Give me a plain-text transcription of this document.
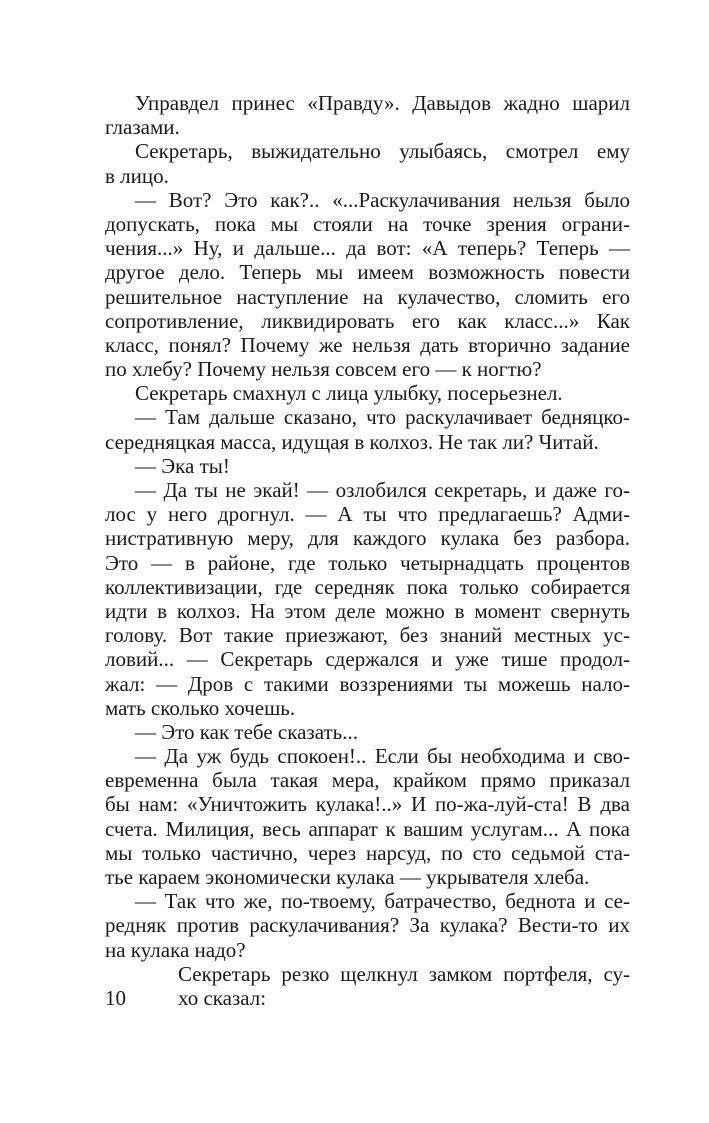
Управдел принес «Правду». Давыдов жадно шарил
глазами.
Секретарь, выжидательно улыбаясь, смотрел ему
в лицо.
— Вот? Это как?.. «...Раскулачивания нельзя было
допускать, пока мы стояли на точке зрения ограни-
чения...» Ну, и дальше... да вот: «А теперь? Теперь —
другое дело. Теперь мы имеем возможность повести
решительное наступление на кулачество, сломить его
сопротивление, ликвидировать его как класс...» Как
класс, понял? Почему же нельзя дать вторично задание
по хлебу? Почему нельзя совсем его — к ногтю?
Секретарь смахнул с лица улыбку, посерьезнел.
— Там дальше сказано, что раскулачивает бедняцко-
середняцкая масса, идущая в колхоз. Не так ли? Читай.
— Эка ты!
— Да ты не экай! — озлобился секретарь, и даже го-
лос у него дрогнул. — А ты что предлагаешь? Адми-
нистративную меру, для каждого кулака без разбора.
Это — в районе, где только четырнадцать процентов
коллективизации, где середняк пока только собирается
идти в колхоз. На этом деле можно в момент свернуть
голову. Вот такие приезжают, без знаний местных ус-
ловий... — Секретарь сдержался и уже тише продол-
жал: — Дров с такими воззрениями ты можешь нало-
мать сколько хочешь.
— Это как тебе сказать...
— Да уж будь спокоен!.. Если бы необходима и сво-
евременна была такая мера, крайком прямо приказал
бы нам: «Уничтожить кулака!..» И по-жа-луй-ста! В два
счета. Милиция, весь аппарат к вашим услугам... А пока
мы только частично, через нарсуд, по сто седьмой ста-
тье караем экономически кулака — укрывателя хлеба.
— Так что же, по-твоему, батрачество, беднота и се-
редняк против раскулачивания? За кулака? Вести-то их
на кулака надо?
Секретарь резко щелкнул замком портфеля, су-
хо сказал:
10
